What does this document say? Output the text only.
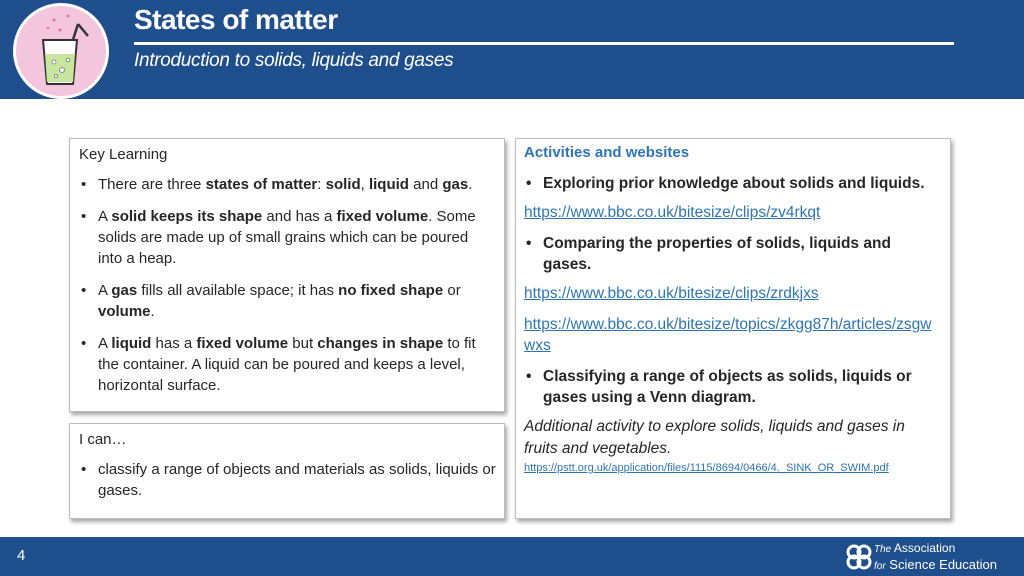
States of matter
Introduction to solids, liquids and gases
Key Learning
• There are three states of matter: solid, liquid and gas.
• A solid keeps its shape and has a fixed volume. Some solids are made up of small grains which can be poured into a heap.
• A gas fills all available space; it has no fixed shape or volume.
• A liquid has a fixed volume but changes in shape to fit the container. A liquid can be poured and keeps a level, horizontal surface.
I can…
• classify a range of objects and materials as solids, liquids or gases.
Activities and websites
• Exploring prior knowledge about solids and liquids.
https://www.bbc.co.uk/bitesize/clips/zv4rkqt
• Comparing the properties of solids, liquids and gases.
https://www.bbc.co.uk/bitesize/clips/zrdkjxs
https://www.bbc.co.uk/bitesize/topics/zkgg87h/articles/zsgwwxs
• Classifying a range of objects as solids, liquids or gases using a Venn diagram.
Additional activity to explore solids, liquids and gases in fruits and vegetables.
https://pstt.org.uk/application/files/1115/8694/0466/4._SINK_OR_SWIM.pdf
4	The Association
for Science Education
